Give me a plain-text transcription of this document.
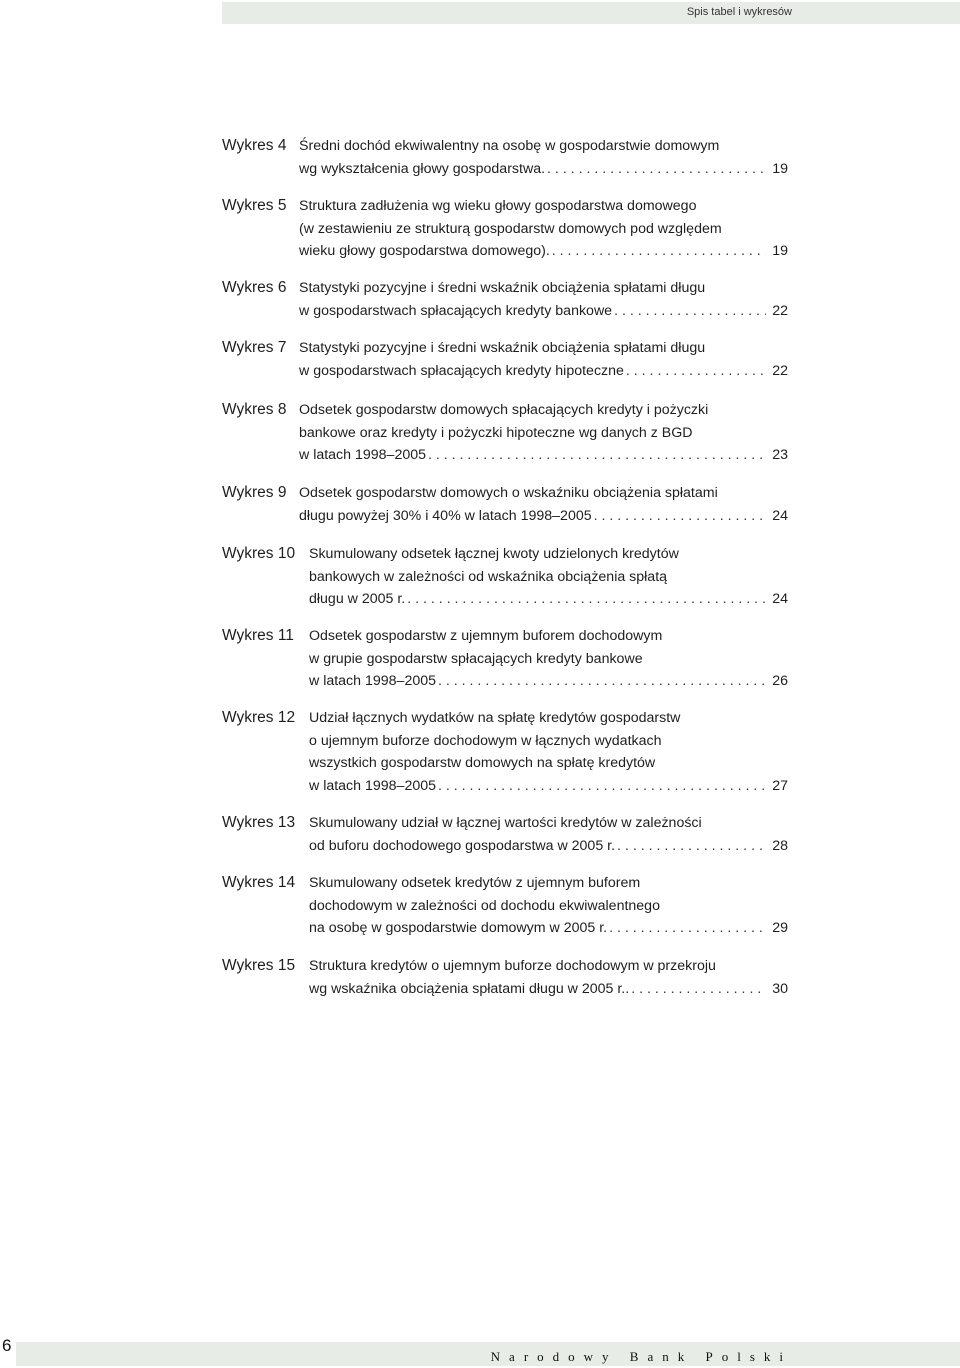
Spis tabel i wykresów
Wykres 4 Średni dochód ekwiwalentny na osobę w gospodarstwie domowym
wg wykształcenia głowy gospodarstwa. . . .	19
Wykres 5 Struktura zadłużenia wg wieku głowy gospodarstwa domowego
(w zestawieniu ze strukturą gospodarstw domowych pod względem
wieku głowy gospodarstwa domowego). . . .	19
Wykres 6 Statystyki pozycyjne i średni wskaźnik obciążenia spłatami długu
w gospodarstwach spłacających kredyty bankowe . . .	22
Wykres 7 Statystyki pozycyjne i średni wskaźnik obciążenia spłatami długu
w gospodarstwach spłacających kredyty hipoteczne . . .	22
Wykres 8 Odsetek gospodarstw domowych spłacających kredyty i pożyczki
bankowe oraz kredyty i pożyczki hipoteczne wg danych z BGD
w latach 1998–2005 . . .	23
Wykres 9 Odsetek gospodarstw domowych o wskaźniku obciążenia spłatami
długu powyżej 30% i 40% w latach 1998–2005 . . .	24
Wykres 10 Skumulowany odsetek łącznej kwoty udzielonych kredytów
bankowych w zależności od wskaźnika obciążenia spłatą
długu w 2005 r. . . .	24
Wykres 11 Odsetek gospodarstw z ujemnym buforem dochodowym
w grupie gospodarstw spłacających kredyty bankowe
w latach 1998–2005 . . .	26
Wykres 12 Udział łącznych wydatków na spłatę kredytów gospodarstw
o ujemnym buforze dochodowym w łącznych wydatkach
wszystkich gospodarstw domowych na spłatę kredytów
w latach 1998–2005 . . .	27
Wykres 13 Skumulowany udział w łącznej wartości kredytów w zależności
od buforu dochodowego gospodarstwa w 2005 r. . . .	28
Wykres 14 Skumulowany odsetek kredytów z ujemnym buforem
dochodowym w zależności od dochodu ekwiwalentnego
na osobę w gospodarstwie domowym w 2005 r. . . .	29
Wykres 15 Struktura kredytów o ujemnym buforze dochodowym w przekroju
wg wskaźnika obciążenia spłatami długu w 2005 r.. . . .	30
6
Narodowy Bank Polski
